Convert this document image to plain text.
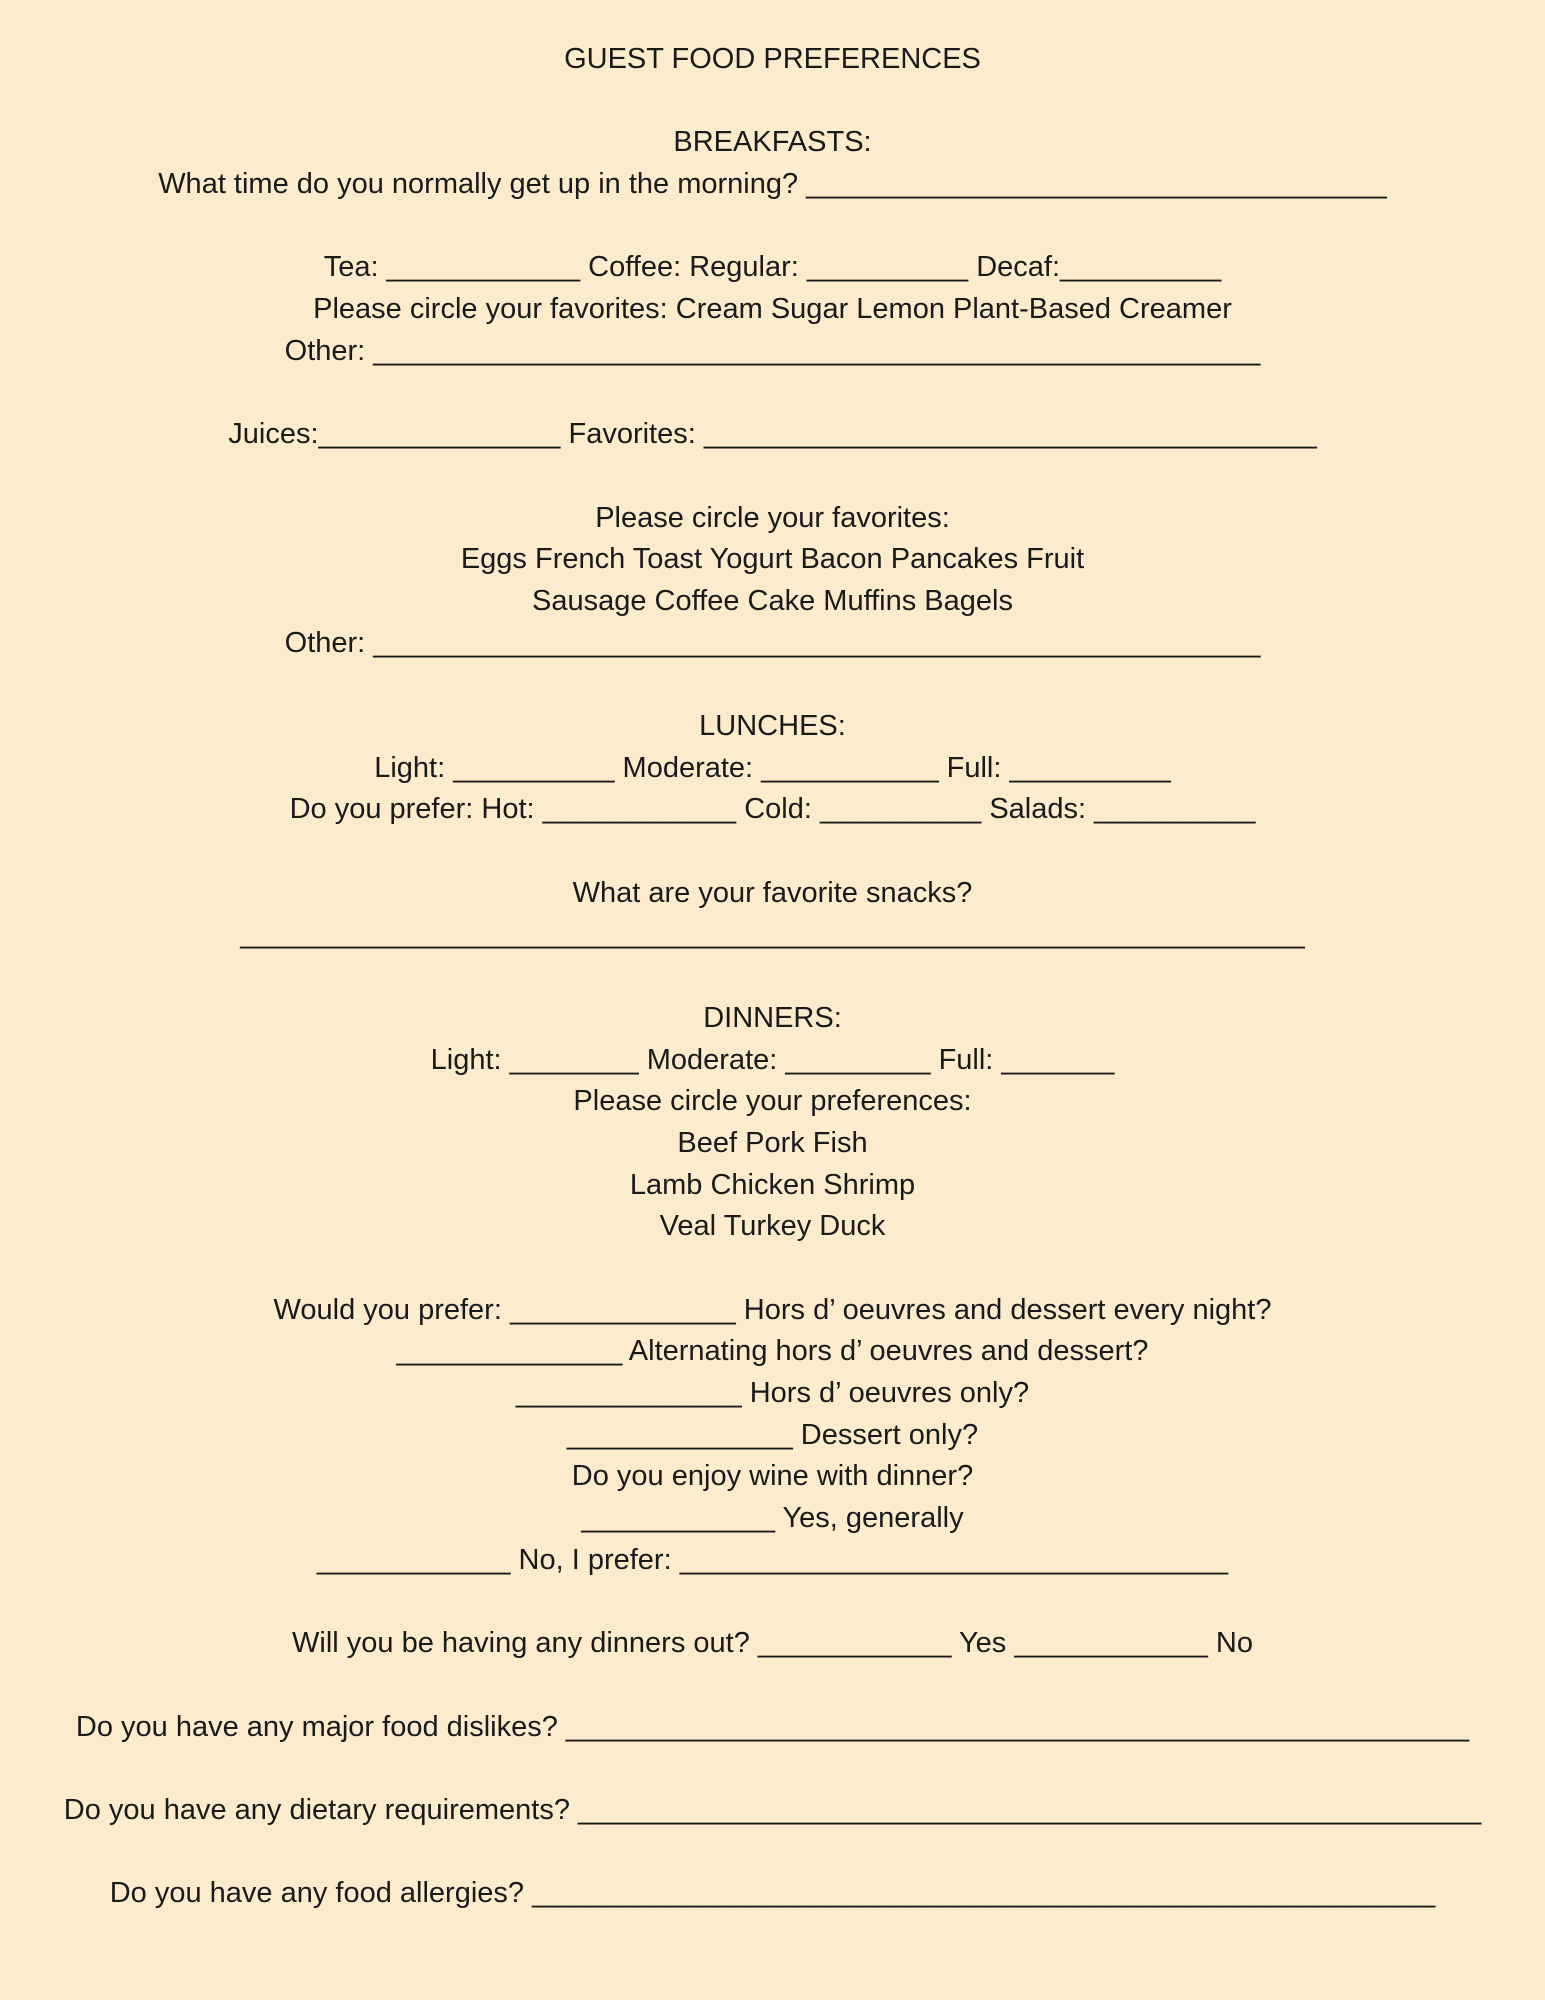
GUEST FOOD PREFERENCES
BREAKFASTS:
What time do you normally get up in the morning? ____________________________________
Tea: ____________ Coffee: Regular: __________ Decaf:__________
Please circle your favorites: Cream Sugar Lemon Plant-Based Creamer
Other: _______________________________________________________
Juices:_______________ Favorites: ______________________________________
Please circle your favorites:
Eggs French Toast Yogurt Bacon Pancakes Fruit
Sausage Coffee Cake Muffins Bagels
Other: _______________________________________________________
LUNCHES:
Light: __________ Moderate: ___________ Full: __________
Do you prefer: Hot: ____________ Cold: __________ Salads: __________
What are your favorite snacks?
__________________________________________________________________
DINNERS:
Light: ________ Moderate: _________ Full: _______
Please circle your preferences:
Beef Pork Fish
Lamb Chicken Shrimp
Veal Turkey Duck
Would you prefer: ______________ Hors d’ oeuvres and dessert every night?
______________ Alternating hors d’ oeuvres and dessert?
______________ Hors d’ oeuvres only?
______________ Dessert only?
Do you enjoy wine with dinner?
____________ Yes, generally
____________ No, I prefer: __________________________________
Will you be having any dinners out? ____________ Yes ____________ No
Do you have any major food dislikes? ________________________________________________________
Do you have any dietary requirements? ________________________________________________________
Do you have any food allergies? ________________________________________________________
